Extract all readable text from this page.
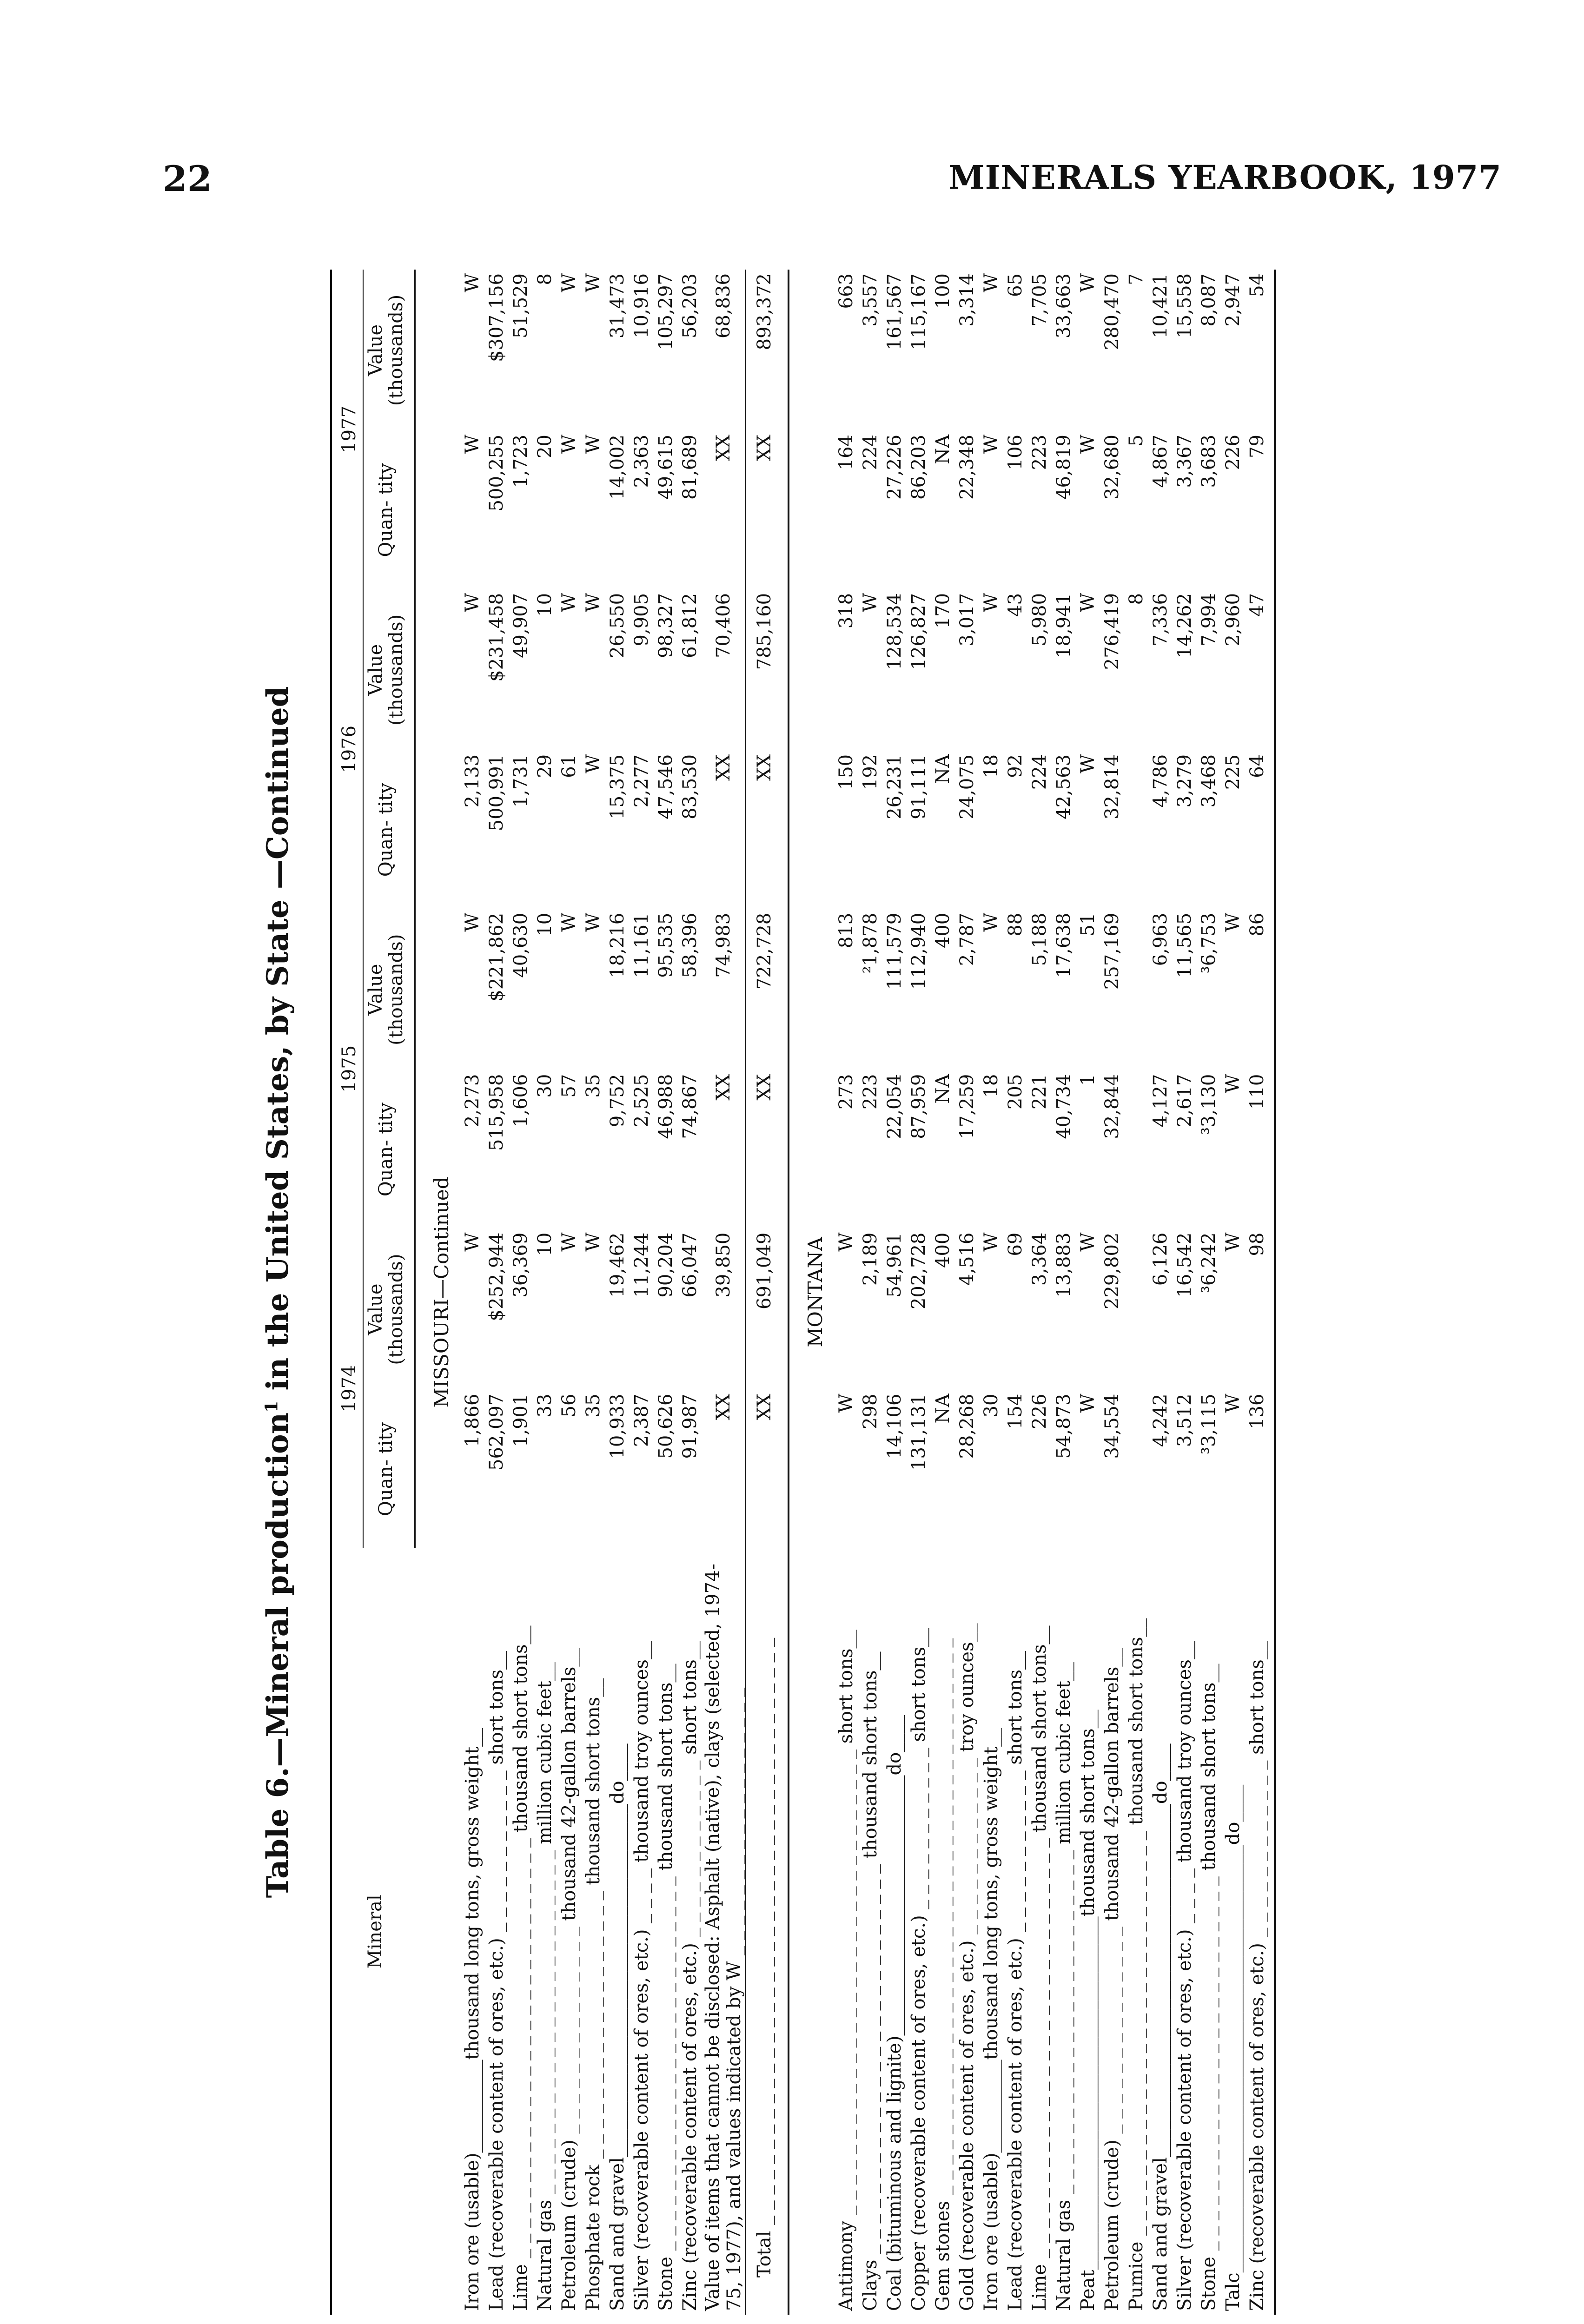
22	MINERALS YEARBOOK, 1977
Table 6.—Mineral production$^1$ in the United States, by State —Continued
Mineral	1974		1975		1976		1977	
	Quan- tity	Value (thousands)	Quan- tity	Value (thousands)	Quan- tity	Value (thousands)	Quan- tity	Value (thousands)
MISSOURI—Continued								
Iron ore (usable)__________thousand long tons, gross weight__	1,866	W	2,273	W	2,133	W	W	W
Lead (recoverable content of ores, etc.) _ _ _ _ _ _ _ _ _ _ _ short tons__	562,097	$252,944	515,958	$221,862	500,991	$231,458	500,255	$307,156
Lime _ _ _ _ _ _ _ _ _ _ _ _ _ _ _ _ _ _ _ _ _ _ _ _ _ _ _ _ thousand short tons__	1,901	36,369	1,606	40,630	1,731	49,907	1,723	51,529
Natural gas _ _ _ _ _ _ _ _ _ _ _ _ _ _ _ _ _ _ _ _ _ _ _ million cubic feet__	33	10	30	10	29	10	20	8
Petroleum (crude) _ _ _ _ _ _ _ _ _ _ _ _ _ _ thousand 42-gallon barrels__	56	W	57	W	61	W	W	W
Phosphate rock _ _ _ _ _ _ _ _ _ _ _ _ _ _ _ _ _ _ thousand short tons__	35	W	35	W	W	W	W	W
Sand and gravel______________________________________do____	10,933	19,462	9,752	18,216	15,375	26,550	14,002	31,473
Silver (recoverable content of ores, etc.) _ _ _ _ thousand troy ounces__	2,387	11,244	2,525	11,161	2,277	9,905	2,363	10,916
Stone _ _ _ _ _ _ _ _ _ _ _ _ _ _ _ _ _ _ _ _ _ _ _ _ _ thousand short tons__	50,626	90,204	46,988	95,535	47,546	98,327	49,615	105,297
Zinc (recoverable content of ores, etc.) _ _ _ _ _ _ _ _ _ _ _ _ short tons__	91,987	66,047	74,867	58,396	83,530	61,812	81,689	56,203
Value of items that cannot be disclosed: Asphalt (native), clays (selected, 1974-75, 1977), and values indicated by W _ _ _ _ _ _ _ _ _ _ _ _ _ _ _ _ _ _	XX	39,850	XX	74,983	XX	70,406	XX	68,836
Total _ _ _ _ _ _ _ _ _ _ _ _ _ _ _ _ _ _ _ _ _ _ _ _ _ _ _ _ _ _ _ _ _ _ _ _ _ _ _	XX	691,049	XX	722,728	XX	785,160	XX	893,372

MONTANA								
Antimony _ _ _ _ _ _ _ _ _ _ _ _ _ _ _ _ _ _ _ _ _ _ _ _ _ _ _ _ _ _ _ short tons__	W	W	273	813	150	318	164	663
Clays _ _ _ _ _ _ _ _ _ _ _ _ _ _ _ _ _ _ _ _ _ _ _ _ _ _ thousand short tons__	298	2,189	223	²1,878	192	W	224	3,557
Coal (bituminous and lignite)____________________________do____	14,106	54,961	22,054	111,579	26,231	128,534	27,226	161,567
Copper (recoverable content of ores, etc.) _ _ _ _ _ _ _ _ _ _ _ short tons__	131,131	202,728	87,959	112,940	91,111	126,827	86,203	115,167
Gem stones _ _ _ _ _ _ _ _ _ _ _ _ _ _ _ _ _ _ _ _ _ _ _ _ _ _ _ _ _ _ _ _ _ _ _ _ _	NA	400	NA	400	NA	170	NA	100
Gold (recoverable content of ores, etc.) _ _ _ _ _ _ _ _ _ _ _ _ troy ounces__	28,268	4,516	17,259	2,787	24,075	3,017	22,348	3,314
Iron ore (usable)__________thousand long tons, gross weight__	30	W	18	W	18	W	W	W
Lead (recoverable content of ores, etc.) _ _ _ _ _ _ _ _ _ _ _ short tons__	154	69	205	88	92	43	106	65
Lime _ _ _ _ _ _ _ _ _ _ _ _ _ _ _ _ _ _ _ _ _ _ _ _ _ _ _ _ thousand short tons__	226	3,364	221	5,188	224	5,980	223	7,705
Natural gas _ _ _ _ _ _ _ _ _ _ _ _ _ _ _ _ _ _ _ _ _ _ _ million cubic feet__	54,873	13,883	40,734	17,638	42,563	18,941	46,819	33,663
Peat______________________________________thousand short tons__	W	W	1	51	W	W	W	W
Petroleum (crude) _ _ _ _ _ _ _ _ _ _ _ _ _ _ thousand 42-gallon barrels__	34,554	229,802	32,844	257,169	32,814	276,419	32,680	280,470
Pumice _ _ _ _ _ _ _ _ _ _ _ _ _ _ _ _ _ _ _ _ _ _ _ _ _ _ _ thousand short tons__						8	5	7
Sand and gravel______________________________________do____	4,242	6,126	4,127	6,963	4,786	7,336	4,867	10,421
Silver (recoverable content of ores, etc.) _ _ _ _ thousand troy ounces__	3,512	16,542	2,617	11,565	3,279	14,262	3,367	15,558
Stone _ _ _ _ _ _ _ _ _ _ _ _ _ _ _ _ _ _ _ _ _ _ _ _ _ thousand short tons__	³3,115	³6,242	³3,130	³6,753	3,468	7,994	3,683	8,087
Talc______________________________________________do____	W	W	W	W	225	2,960	226	2,947
Zinc (recoverable content of ores, etc.) _ _ _ _ _ _ _ _ _ _ _ _ short tons__	136	98	110	86	64	47	79	54
